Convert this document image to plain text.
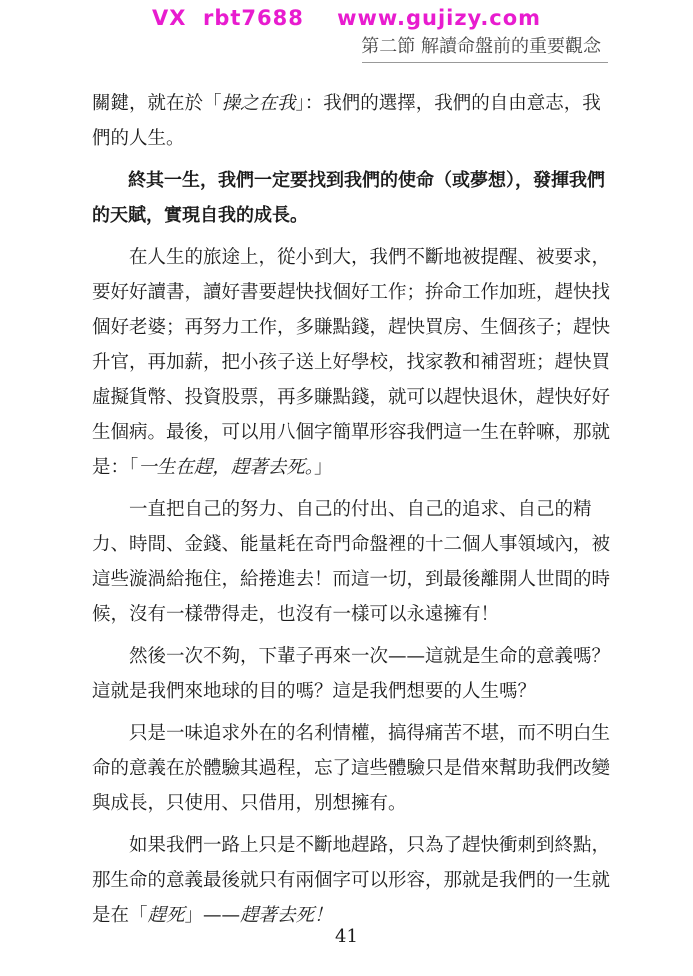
VX  rbt7688    www.gujizy.com
第二節 解讀命盤前的重要觀念

關鍵，就在於「操之在我」：我們的選擇，我們的自由意志，我們的人生。

終其一生，我們一定要找到我們的使命（或夢想），發揮我們的天賦，實現自我的成長。

在人生的旅途上，從小到大，我們不斷地被提醒、被要求，要好好讀書，讀好書要趕快找個好工作；拚命工作加班，趕快找個好老婆；再努力工作，多賺點錢，趕快買房、生個孩子；趕快升官，再加薪，把小孩子送上好學校，找家教和補習班；趕快買虛擬貨幣、投資股票，再多賺點錢，就可以趕快退休，趕快好好生個病。最後，可以用八個字簡單形容我們這一生在幹嘛，那就是：「一生在趕，趕著去死。」

一直把自己的努力、自己的付出、自己的追求、自己的精力、時間、金錢、能量耗在奇門命盤裡的十二個人事領域內，被這些漩渦給拖住，給捲進去！而這一切，到最後離開人世間的時候，沒有一樣帶得走，也沒有一樣可以永遠擁有！

然後一次不夠，下輩子再來一次——這就是生命的意義嗎？這就是我們來地球的目的嗎？這是我們想要的人生嗎？

只是一味追求外在的名利情權，搞得痛苦不堪，而不明白生命的意義在於體驗其過程，忘了這些體驗只是借來幫助我們改變與成長，只使用、只借用，別想擁有。

如果我們一路上只是不斷地趕路，只為了趕快衝刺到終點，那生命的意義最後就只有兩個字可以形容，那就是我們的一生就是在「趕死」——趕著去死！

41
